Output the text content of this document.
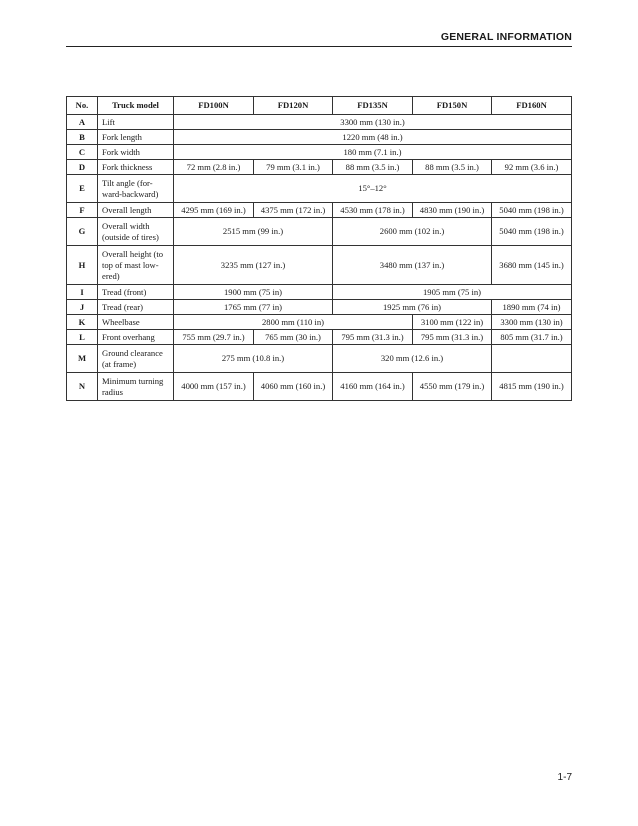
GENERAL INFORMATION
No.	Truck model	FD100N	FD120N	FD135N	FD150N	FD160N
A	Lift	3300 mm (130 in.)				
B	Fork length	1220 mm (48 in.)				
C	Fork width	180 mm (7.1 in.)				
D	Fork thickness	72 mm (2.8 in.)	79 mm (3.1 in.)	88 mm (3.5 in.)	88 mm (3.5 in.)	92 mm (3.6 in.)
E	Tilt angle (for-
ward-backward)	15°–12°				
F	Overall length	4295 mm (169 in.)	4375 mm (172 in.)	4530 mm (178 in.)	4830 mm (190 in.)	5040 mm (198 in.)
G	Overall width
(outside of tires)	2515 mm (99 in.)		2600 mm (102 in.)		5040 mm (198 in.)
H	Overall height (to
top of mast low-
ered)	3235 mm (127 in.)		3480 mm (137 in.)		3680 mm (145 in.)
I	Tread (front)	1900 mm (75 in)		1905 mm (75 in)		
J	Tread (rear)	1765 mm (77 in)		1925 mm (76 in)		1890 mm (74 in)
K	Wheelbase	2800 mm (110 in)			3100 mm (122 in)	3300 mm (130 in)
L	Front overhang	755 mm (29.7 in.)	765 mm (30 in.)	795 mm (31.3 in.)	795 mm (31.3 in.)	805 mm (31.7 in.)
M	Ground clearance
(at frame)	275 mm (10.8 in.)		320 mm (12.6 in.)		
N	Minimum turning
radius	4000 mm (157 in.)	4060 mm (160 in.)	4160 mm (164 in.)	4550 mm (179 in.)	4815 mm (190 in.)
1-7
